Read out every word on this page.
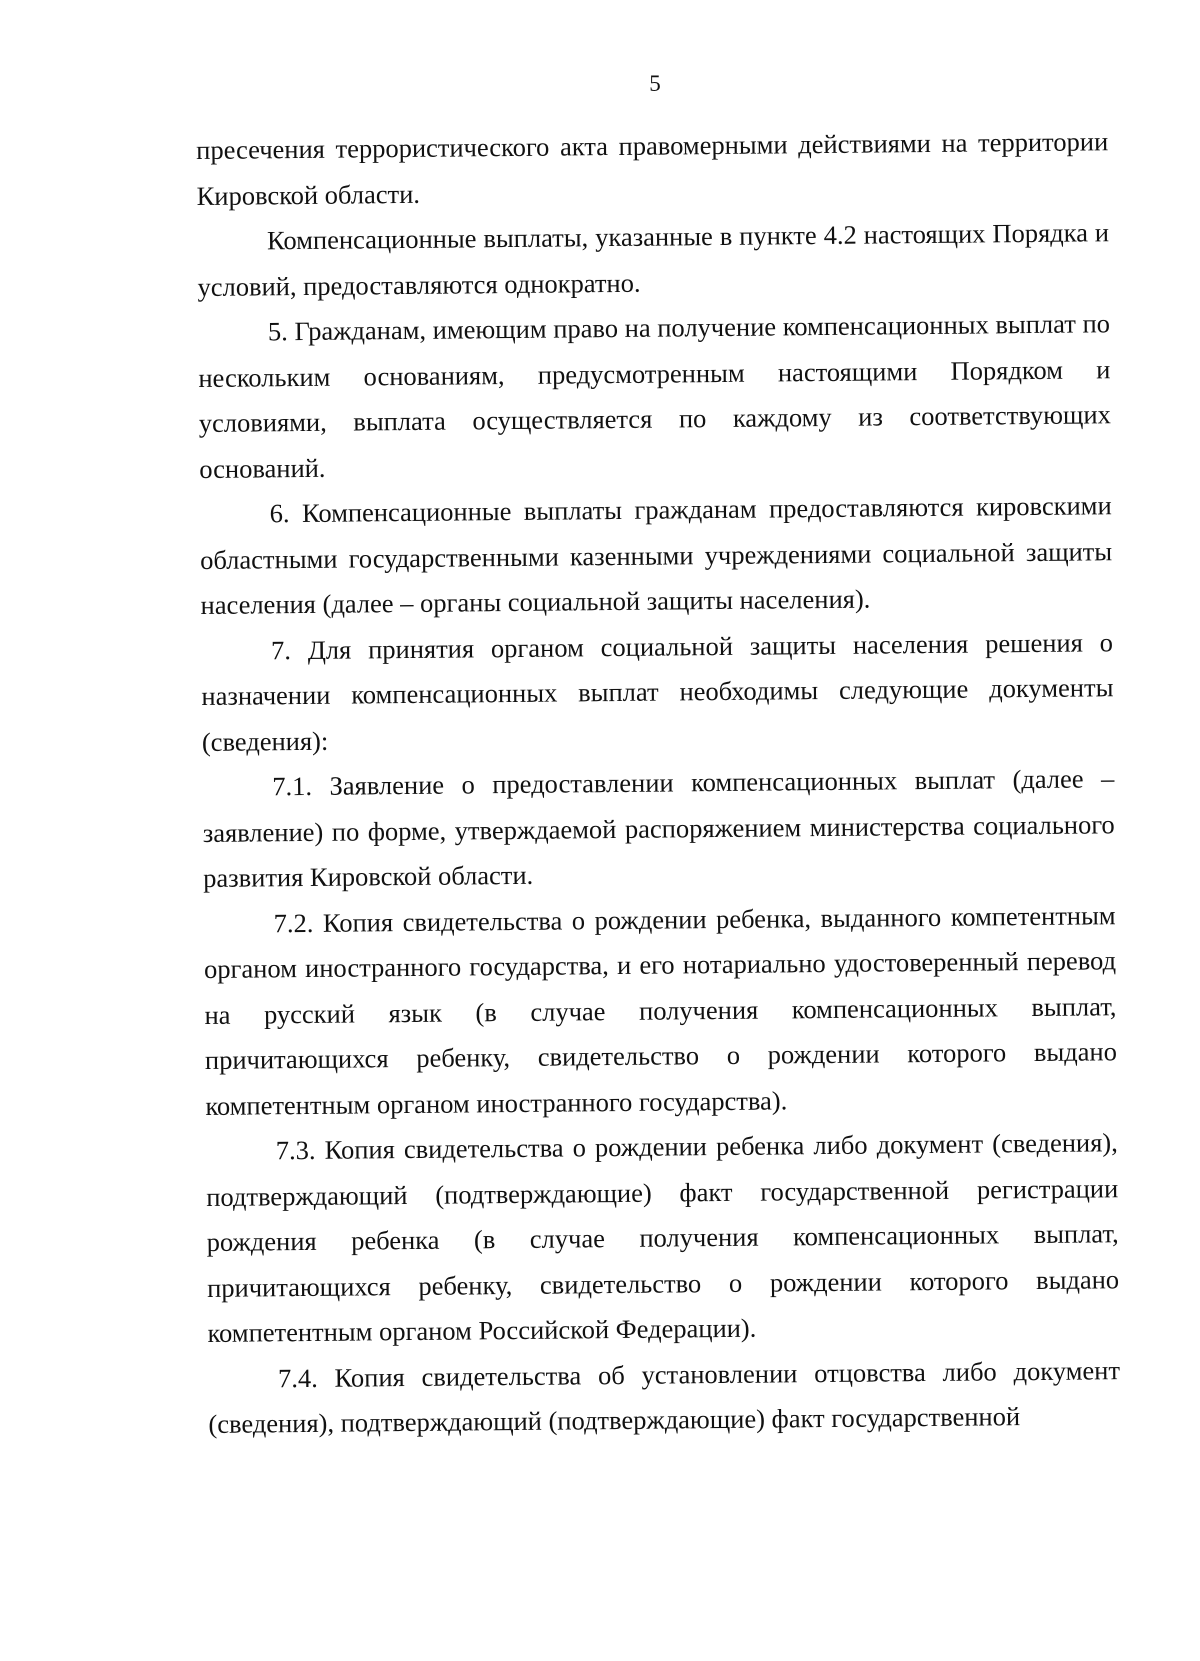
5

пресечения террористического акта правомерными действиями на территории Кировской области.

Компенсационные выплаты, указанные в пункте 4.2 настоящих Порядка и условий, предоставляются однократно.

5. Гражданам, имеющим право на получение компенсационных выплат по нескольким основаниям, предусмотренным настоящими Порядком и условиями, выплата осуществляется по каждому из соответствующих оснований.

6. Компенсационные выплаты гражданам предоставляются кировскими областными государственными казенными учреждениями социальной защиты населения (далее – органы социальной защиты населения).

7. Для принятия органом социальной защиты населения решения о назначении компенсационных выплат необходимы следующие документы (сведения):

7.1. Заявление о предоставлении компенсационных выплат (далее – заявление) по форме, утверждаемой распоряжением министерства социального развития Кировской области.

7.2. Копия свидетельства о рождении ребенка, выданного компетентным органом иностранного государства, и его нотариально удостоверенный перевод на русский язык (в случае получения компенсационных выплат, причитающихся ребенку, свидетельство о рождении которого выдано компетентным органом иностранного государства).

7.3. Копия свидетельства о рождении ребенка либо документ (сведения), подтверждающий (подтверждающие) факт государственной регистрации рождения ребенка (в случае получения компенсационных выплат, причитающихся ребенку, свидетельство о рождении которого выдано компетентным органом Российской Федерации).

7.4. Копия свидетельства об установлении отцовства либо документ (сведения), подтверждающий (подтверждающие) факт государственной
